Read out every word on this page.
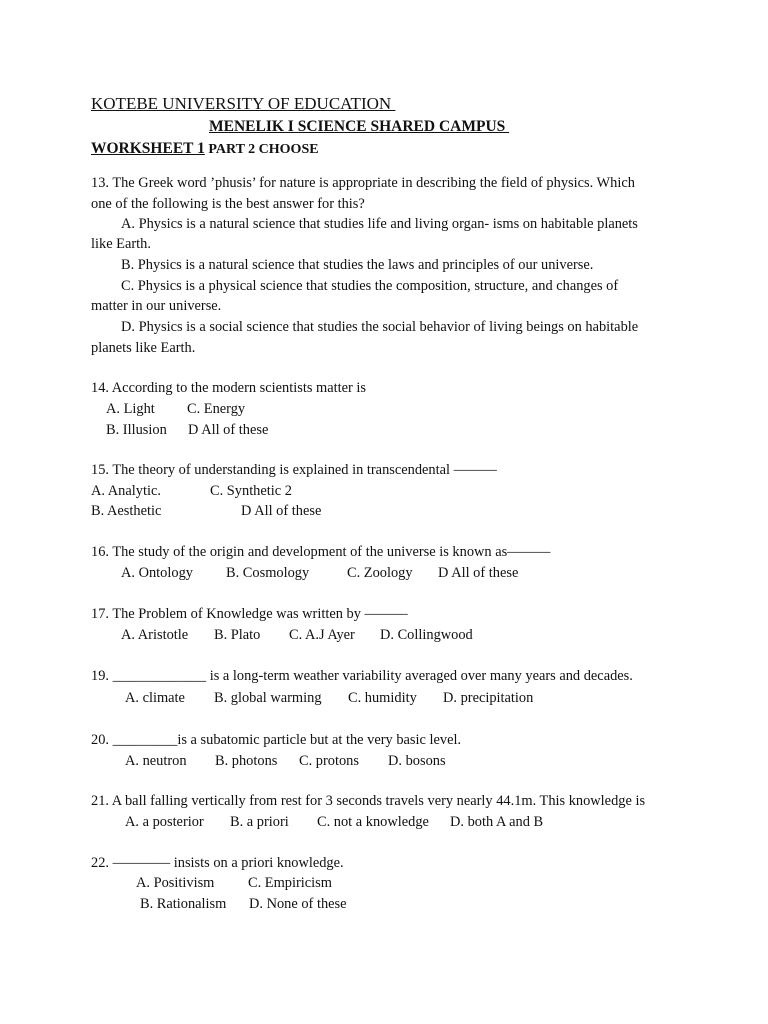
KOTEBE UNIVERSITY OF EDUCATION
MENELIK I SCIENCE SHARED CAMPUS
WORKSHEET 1 PART 2 CHOOSE
13. The Greek word ’phusis’ for nature is appropriate in describing the field of physics. Which
one of the following is the best answer for this?
A. Physics is a natural science that studies life and living organ- isms on habitable planets
like Earth.
B. Physics is a natural science that studies the laws and principles of our universe.
C. Physics is a physical science that studies the composition, structure, and changes of
matter in our universe.
D. Physics is a social science that studies the social behavior of living beings on habitable
planets like Earth.
14. According to the modern scientists matter is
A. Light C. Energy
B. Illusion D All of these
15. The theory of understanding is explained in transcendental ———
A. Analytic.	C. Synthetic 2
B. Aesthetic	D All of these
16. The study of the origin and development of the universe is known as———
A. Ontology B. Cosmology	C. Zoology D All of these
17. The Problem of Knowledge was written by ———
A. Aristotle B. Plato C. A.J Ayer D. Collingwood
19. _____________ is a long-term weather variability averaged over many years and decades.
A. climate B. global warming C. humidity D. precipitation
20. _________is a subatomic particle but at the very basic level.
A. neutron B. photons C. protons D. bosons
21. A ball falling vertically from rest for 3 seconds travels very nearly 44.1m. This knowledge is
A. a posterior B. a priori C. not a knowledge D. both A and B
22. ———— insists on a priori knowledge.
A. Positivism C. Empiricism
B. Rationalism D. None of these
